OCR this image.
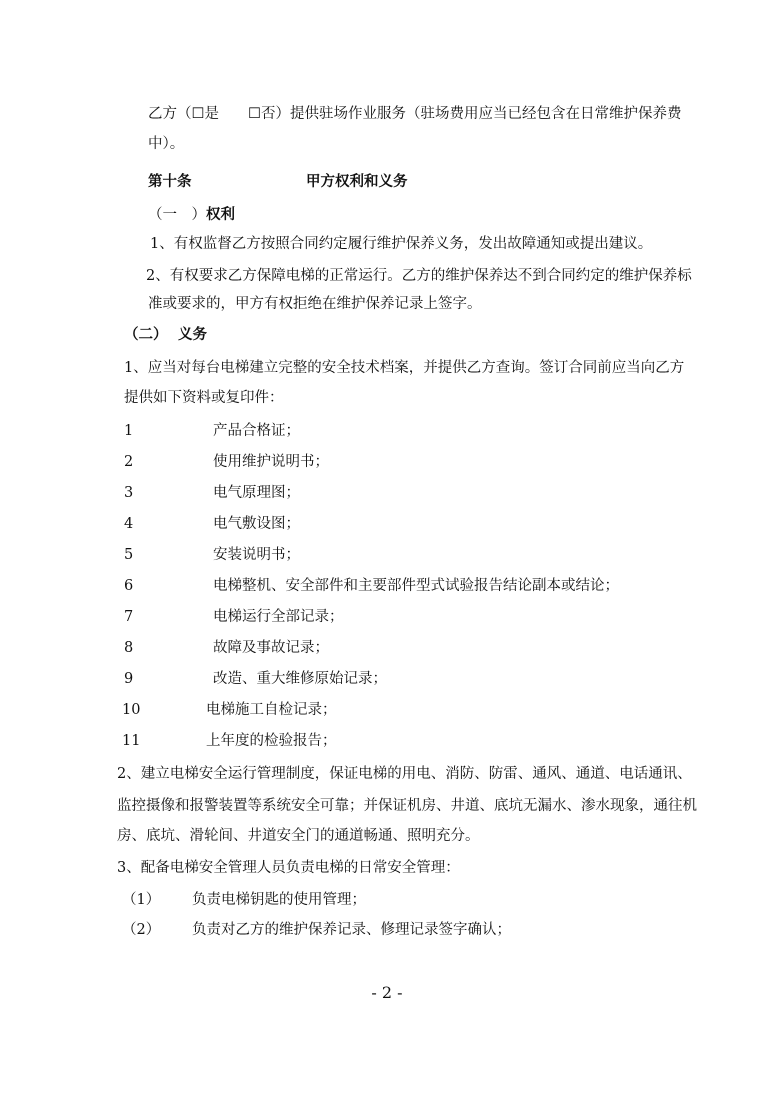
乙方（☐是　　☐否）提供驻场作业服务（驻场费用应当已经包含在日常维护保养费
中）。
第十条	甲方权利和义务
（一　） 权利
1、有权监督乙方按照合同约定履行维护保养义务，发出故障通知或提出建议。
2、有权要求乙方保障电梯的正常运行。乙方的维护保养达不到合同约定的维护保养标
准或要求的，甲方有权拒绝在维护保养记录上签字。
（二） 义务
1、应当对每台电梯建立完整的安全技术档案，并提供乙方查询。签订合同前应当向乙方
提供如下资料或复印件：
1	产品合格证；
2	使用维护说明书；
3	电气原理图；
4	电气敷设图；
5	安装说明书；
6	电梯整机、安全部件和主要部件型式试验报告结论副本或结论；
7	电梯运行全部记录；
8	故障及事故记录；
9	改造、重大维修原始记录；
10	电梯施工自检记录；
11	上年度的检验报告；
2、建立电梯安全运行管理制度，保证电梯的用电、消防、防雷、通风、通道、电话通讯、
监控摄像和报警装置等系统安全可靠；并保证机房、井道、底坑无漏水、渗水现象，通往机
房、底坑、滑轮间、井道安全门的通道畅通、照明充分。
3、配备电梯安全管理人员负责电梯的日常安全管理：
（1） 负责电梯钥匙的使用管理；
（2） 负责对乙方的维护保养记录、修理记录签字确认；
- 2 -
